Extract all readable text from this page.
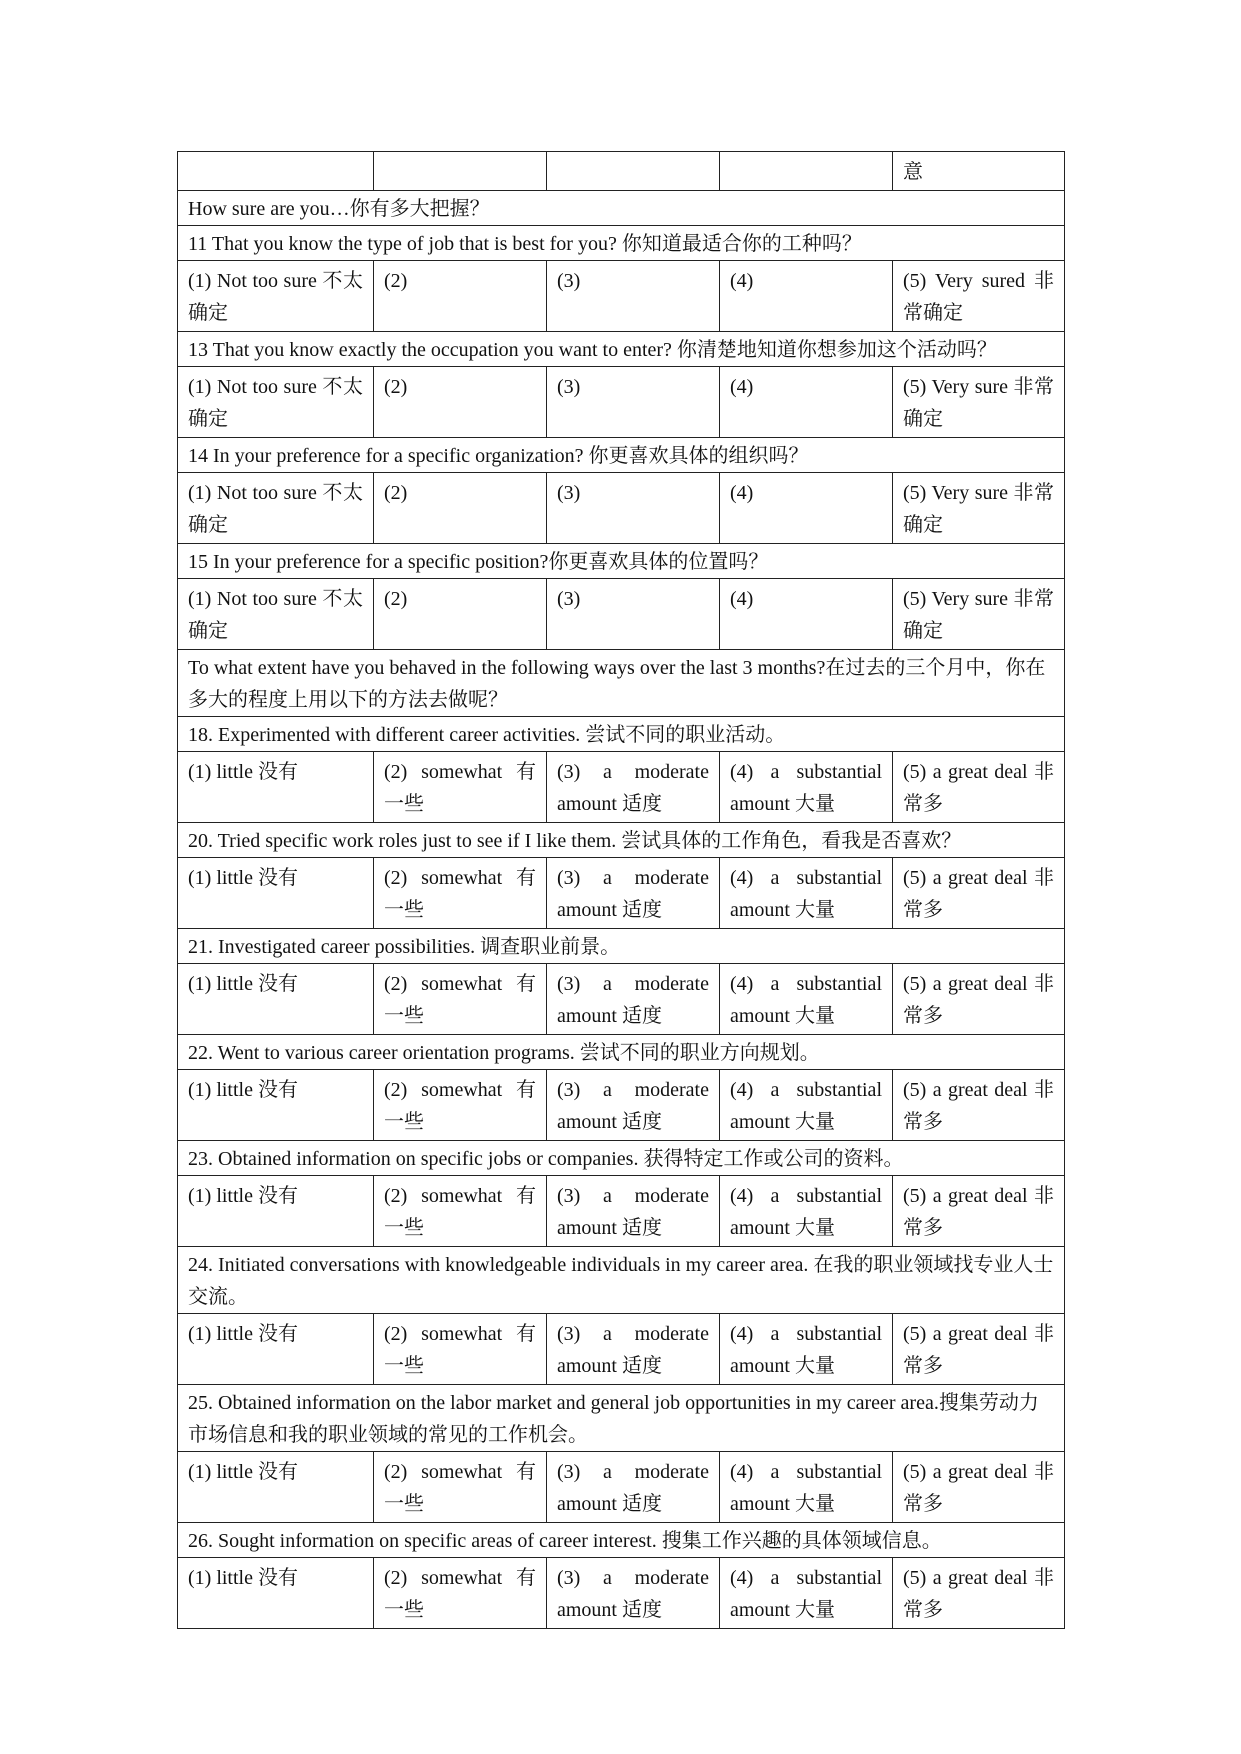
				意
How sure are you…你有多大把握？				
11 That you know the type of job that is best for you? 你知道最适合你的工种吗？				
(1) Not too sure 不太确定	(2)	(3)	(4)	(5) Very sured 非常确定
13 That you know exactly the occupation you want to enter? 你清楚地知道你想参加这个活动吗？				
(1) Not too sure 不太确定	(2)	(3)	(4)	(5) Very sure 非常确定
14 In your preference for a specific organization? 你更喜欢具体的组织吗？				
(1) Not too sure 不太确定	(2)	(3)	(4)	(5) Very sure 非常确定
15 In your preference for a specific position?你更喜欢具体的位置吗？				
(1) Not too sure 不太确定	(2)	(3)	(4)	(5) Very sure 非常确定
To what extent have you behaved in the following ways over the last 3 months?在过去的三个月中，你在多大的程度上用以下的方法去做呢？				
18. Experimented with different career activities. 尝试不同的职业活动。				
(1) little 没有	(2) somewhat 有一些	(3) a moderate amount 适度	(4) a substantial amount 大量	(5) a great deal 非常多
20. Tried specific work roles just to see if I like them. 尝试具体的工作角色，看我是否喜欢？				
(1) little 没有	(2) somewhat 有一些	(3) a moderate amount 适度	(4) a substantial amount 大量	(5) a great deal 非常多
21. Investigated career possibilities. 调查职业前景。				
(1) little 没有	(2) somewhat 有一些	(3) a moderate amount 适度	(4) a substantial amount 大量	(5) a great deal 非常多
22. Went to various career orientation programs. 尝试不同的职业方向规划。				
(1) little 没有	(2) somewhat 有一些	(3) a moderate amount 适度	(4) a substantial amount 大量	(5) a great deal 非常多
23. Obtained information on specific jobs or companies. 获得特定工作或公司的资料。				
(1) little 没有	(2) somewhat 有一些	(3) a moderate amount 适度	(4) a substantial amount 大量	(5) a great deal 非常多
24. Initiated conversations with knowledgeable individuals in my career area. 在我的职业领域找专业人士交流。				
(1) little 没有	(2) somewhat 有一些	(3) a moderate amount 适度	(4) a substantial amount 大量	(5) a great deal 非常多
25. Obtained information on the labor market and general job opportunities in my career area.搜集劳动力市场信息和我的职业领域的常见的工作机会。				
(1) little 没有	(2) somewhat 有一些	(3) a moderate amount 适度	(4) a substantial amount 大量	(5) a great deal 非常多
26. Sought information on specific areas of career interest. 搜集工作兴趣的具体领域信息。				
(1) little 没有	(2) somewhat 有一些	(3) a moderate amount 适度	(4) a substantial amount 大量	(5) a great deal 非常多
